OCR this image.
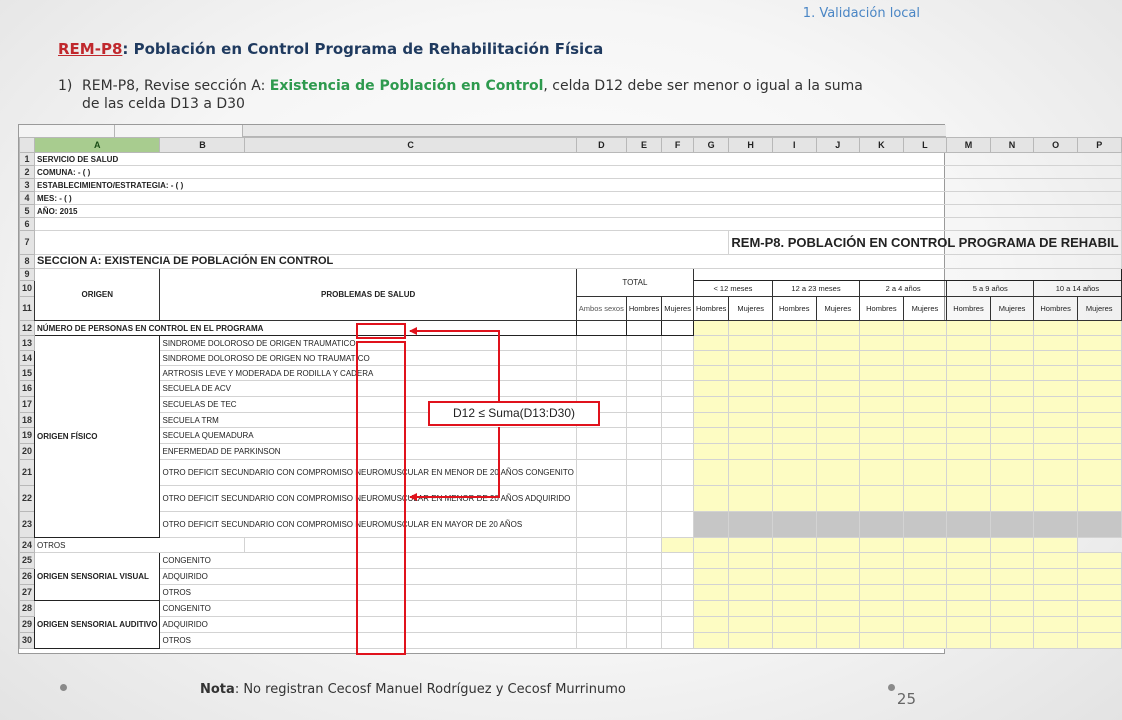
1. Validación local
REM-P8: Población en Control Programa de Rehabilitación Física
1) REM-P8, Revise sección A: Existencia de Población en Control, celda D12 debe ser menor o igual a la suma
de las celda D13 a D30
	A	B	C	D	E	F	G	H	I	J	K	L	M	N	O	P
1	SERVICIO DE SALUD															
2	COMUNA: - ( )															
3	ESTABLECIMIENTO/ESTRATEGIA: - ( )															
4	MES: - ( )															
5	AÑO: 2015															
6																
7								REM-P8. POBLACIÓN EN CONTROL PROGRAMA DE REHABIL								
8	SECCION A: EXISTENCIA DE POBLACIÓN EN CONTROL															
9	ORIGEN	PROBLEMAS DE SALUD		TOTAL												
10							< 12 meses		12 a 23 meses		2 a 4 años		5 a 9 años		10 a 14 años	
11				Ambos sexos	Hombres	Mujeres	Hombres	Mujeres	Hombres	Mujeres	Hombres	Mujeres	Hombres	Mujeres	Hombres	Mujeres
12	NÚMERO DE PERSONAS EN CONTROL EN EL PROGRAMA															
13	ORIGEN FÍSICO	SINDROME DOLOROSO DE ORIGEN TRAUMATICO														
14		SINDROME DOLOROSO DE ORIGEN NO TRAUMATICO														
15		ARTROSIS LEVE Y MODERADA DE RODILLA Y CADERA														
16		SECUELA DE ACV														
17		SECUELAS DE TEC														
18		SECUELA TRM														
19		SECUELA QUEMADURA														
20		ENFERMEDAD DE PARKINSON														
21		OTRO DEFICIT SECUNDARIO CON COMPROMISO NEUROMUSCULAR EN MENOR DE 20 AÑOS CONGENITO														
22		OTRO DEFICIT SECUNDARIO CON COMPROMISO NEUROMUSCULAR EN MENOR DE 20 AÑOS ADQUIRIDO														
23		OTRO DEFICIT SECUNDARIO CON COMPROMISO NEUROMUSCULAR EN MAYOR DE 20 AÑOS														
24	OTROS															
25	ORIGEN SENSORIAL VISUAL	CONGENITO														
26		ADQUIRIDO														
27		OTROS														
28	ORIGEN SENSORIAL AUDITIVO	CONGENITO														
29		ADQUIRIDO														
30		OTROS														
D12 ≤ Suma(D13:D30)
Nota: No registran Cecosf Manuel Rodríguez y Cecosf Murrinumo
25
